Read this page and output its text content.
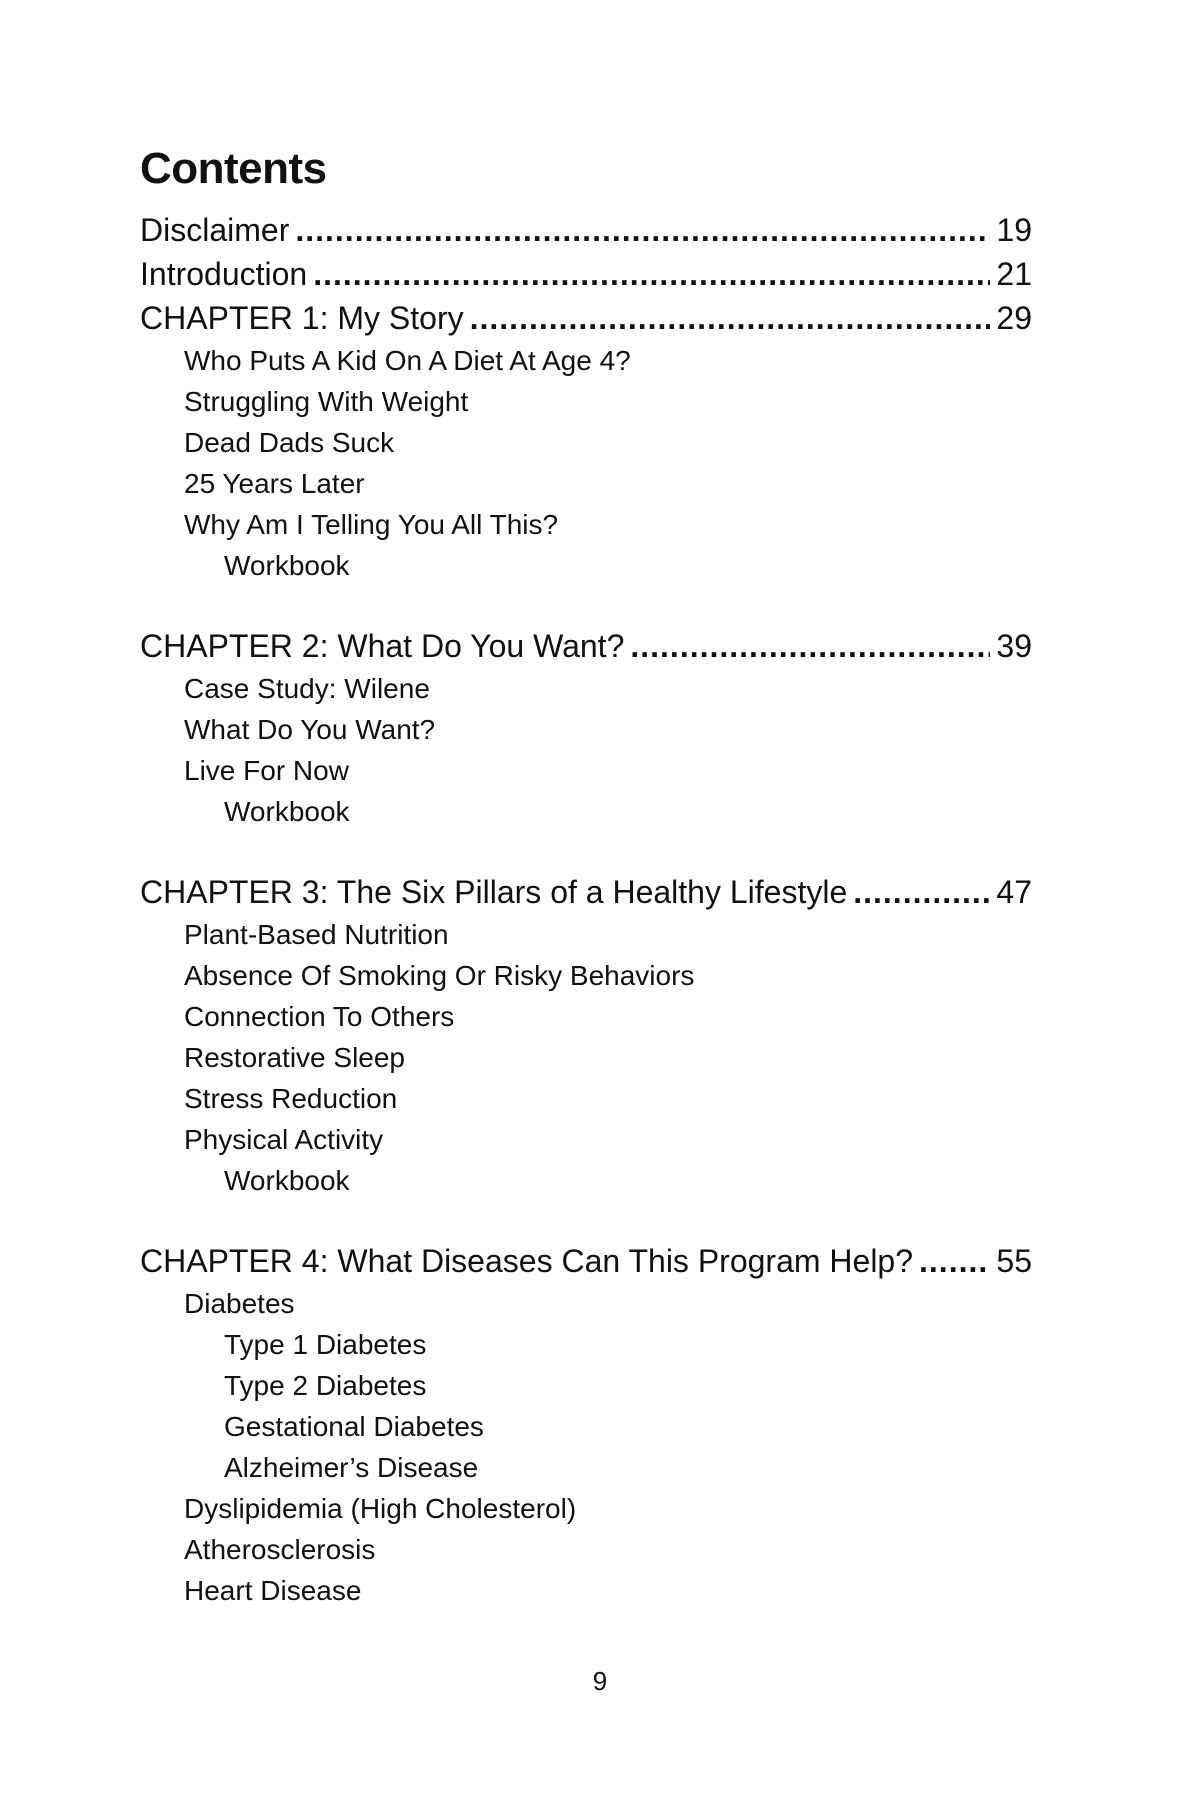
Contents
Disclaimer .....	19
Introduction .....	21
CHAPTER 1: My Story .....	29
Who Puts A Kid On A Diet At Age 4?
Struggling With Weight
Dead Dads Suck
25 Years Later
Why Am I Telling You All This?
Workbook
CHAPTER 2: What Do You Want? .....	39
Case Study: Wilene
What Do You Want?
Live For Now
Workbook
CHAPTER 3: The Six Pillars of a Healthy Lifestyle .....	47
Plant-Based Nutrition
Absence Of Smoking Or Risky Behaviors
Connection To Others
Restorative Sleep
Stress Reduction
Physical Activity
Workbook
CHAPTER 4: What Diseases Can This Program Help? .....	55
Diabetes
Type 1 Diabetes
Type 2 Diabetes
Gestational Diabetes
Alzheimer’s Disease
Dyslipidemia (High Cholesterol)
Atherosclerosis
Heart Disease
9
